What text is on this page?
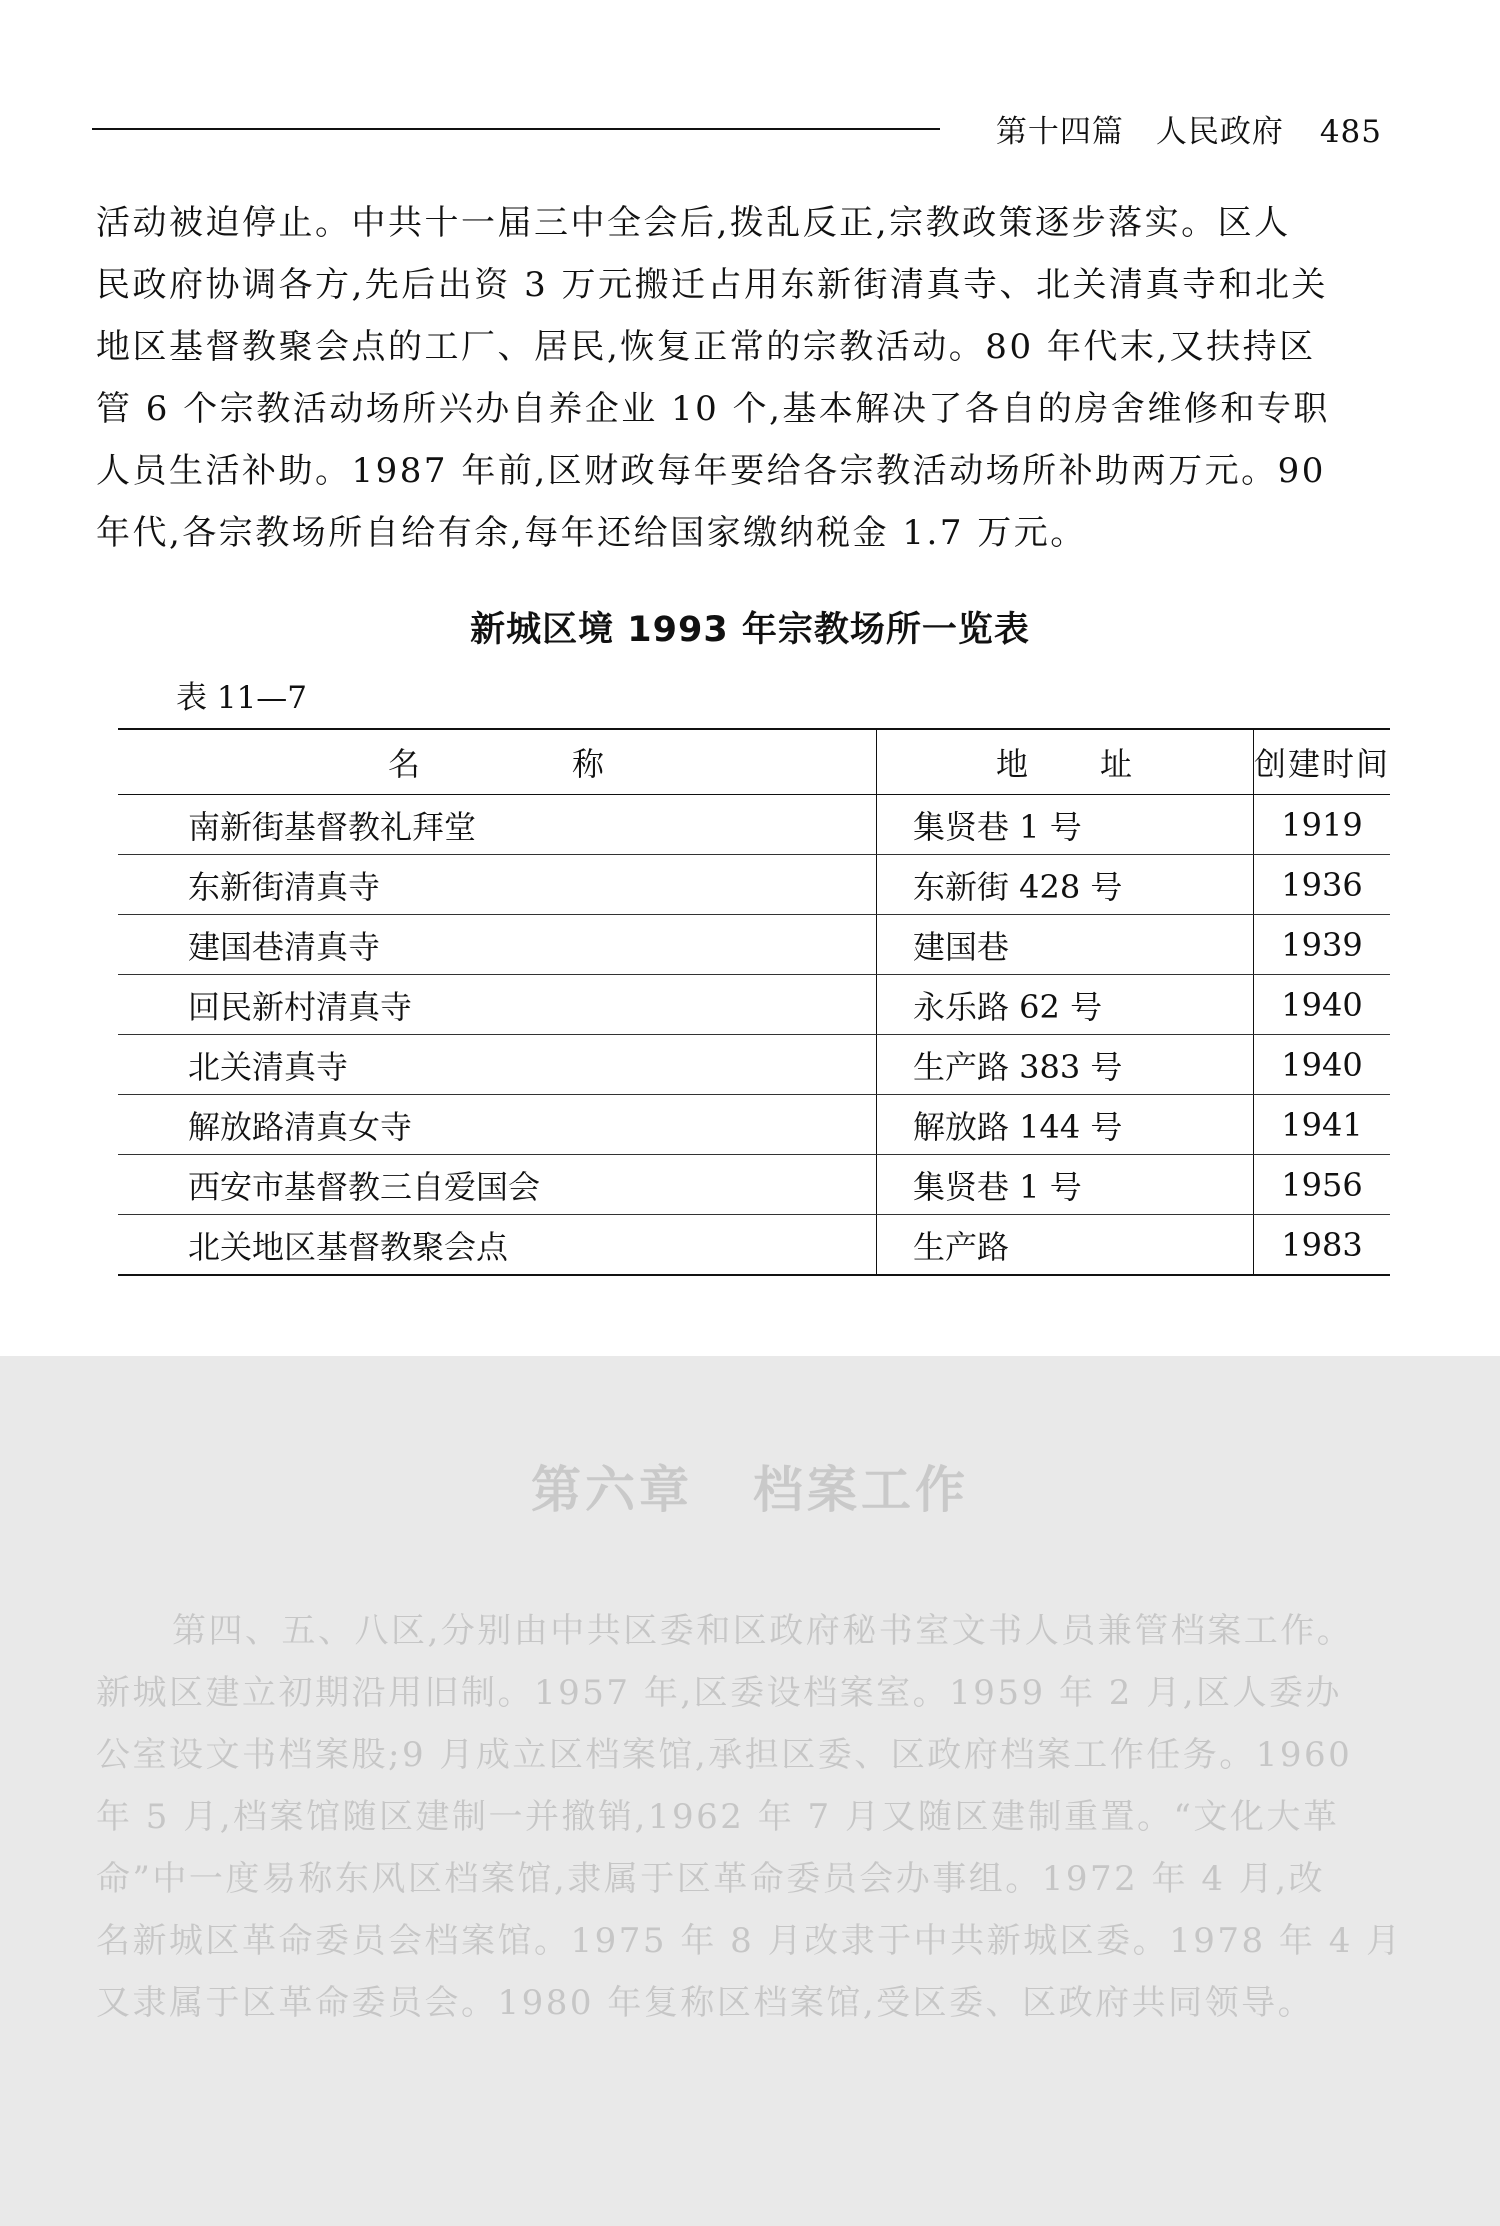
第十四篇　人民政府 485

活动被迫停止。中共十一届三中全会后,拨乱反正,宗教政策逐步落实。区人

民政府协调各方,先后出资 3 万元搬迁占用东新街清真寺、北关清真寺和北关

地区基督教聚会点的工厂、居民,恢复正常的宗教活动。80 年代末,又扶持区

管 6 个宗教活动场所兴办自养企业 10 个,基本解决了各自的房舍维修和专职

人员生活补助。1987 年前,区财政每年要给各宗教活动场所补助两万元。90

年代,各宗教场所自给有余,每年还给国家缴纳税金 1.7 万元。

新城区境 1993 年宗教场所一览表
表 11—7
名 称	地 址	创建时间
南新街基督教礼拜堂	集贤巷 1 号	1919
东新街清真寺	东新街 428 号	1936
建国巷清真寺	建国巷	1939
回民新村清真寺	永乐路 62 号	1940
北关清真寺	生产路 383 号	1940
解放路清真女寺	解放路 144 号	1941
西安市基督教三自爱国会	集贤巷 1 号	1956
北关地区基督教聚会点	生产路	1983
第六章 档案工作

第四、五、八区,分别由中共区委和区政府秘书室文书人员兼管档案工作。

新城区建立初期沿用旧制。1957 年,区委设档案室。1959 年 2 月,区人委办

公室设文书档案股;9 月成立区档案馆,承担区委、区政府档案工作任务。1960

年 5 月,档案馆随区建制一并撤销,1962 年 7 月又随区建制重置。“文化大革

命”中一度易称东风区档案馆,隶属于区革命委员会办事组。1972 年 4 月,改

名新城区革命委员会档案馆。1975 年 8 月改隶于中共新城区委。1978 年 4 月

又隶属于区革命委员会。1980 年复称区档案馆,受区委、区政府共同领导。
